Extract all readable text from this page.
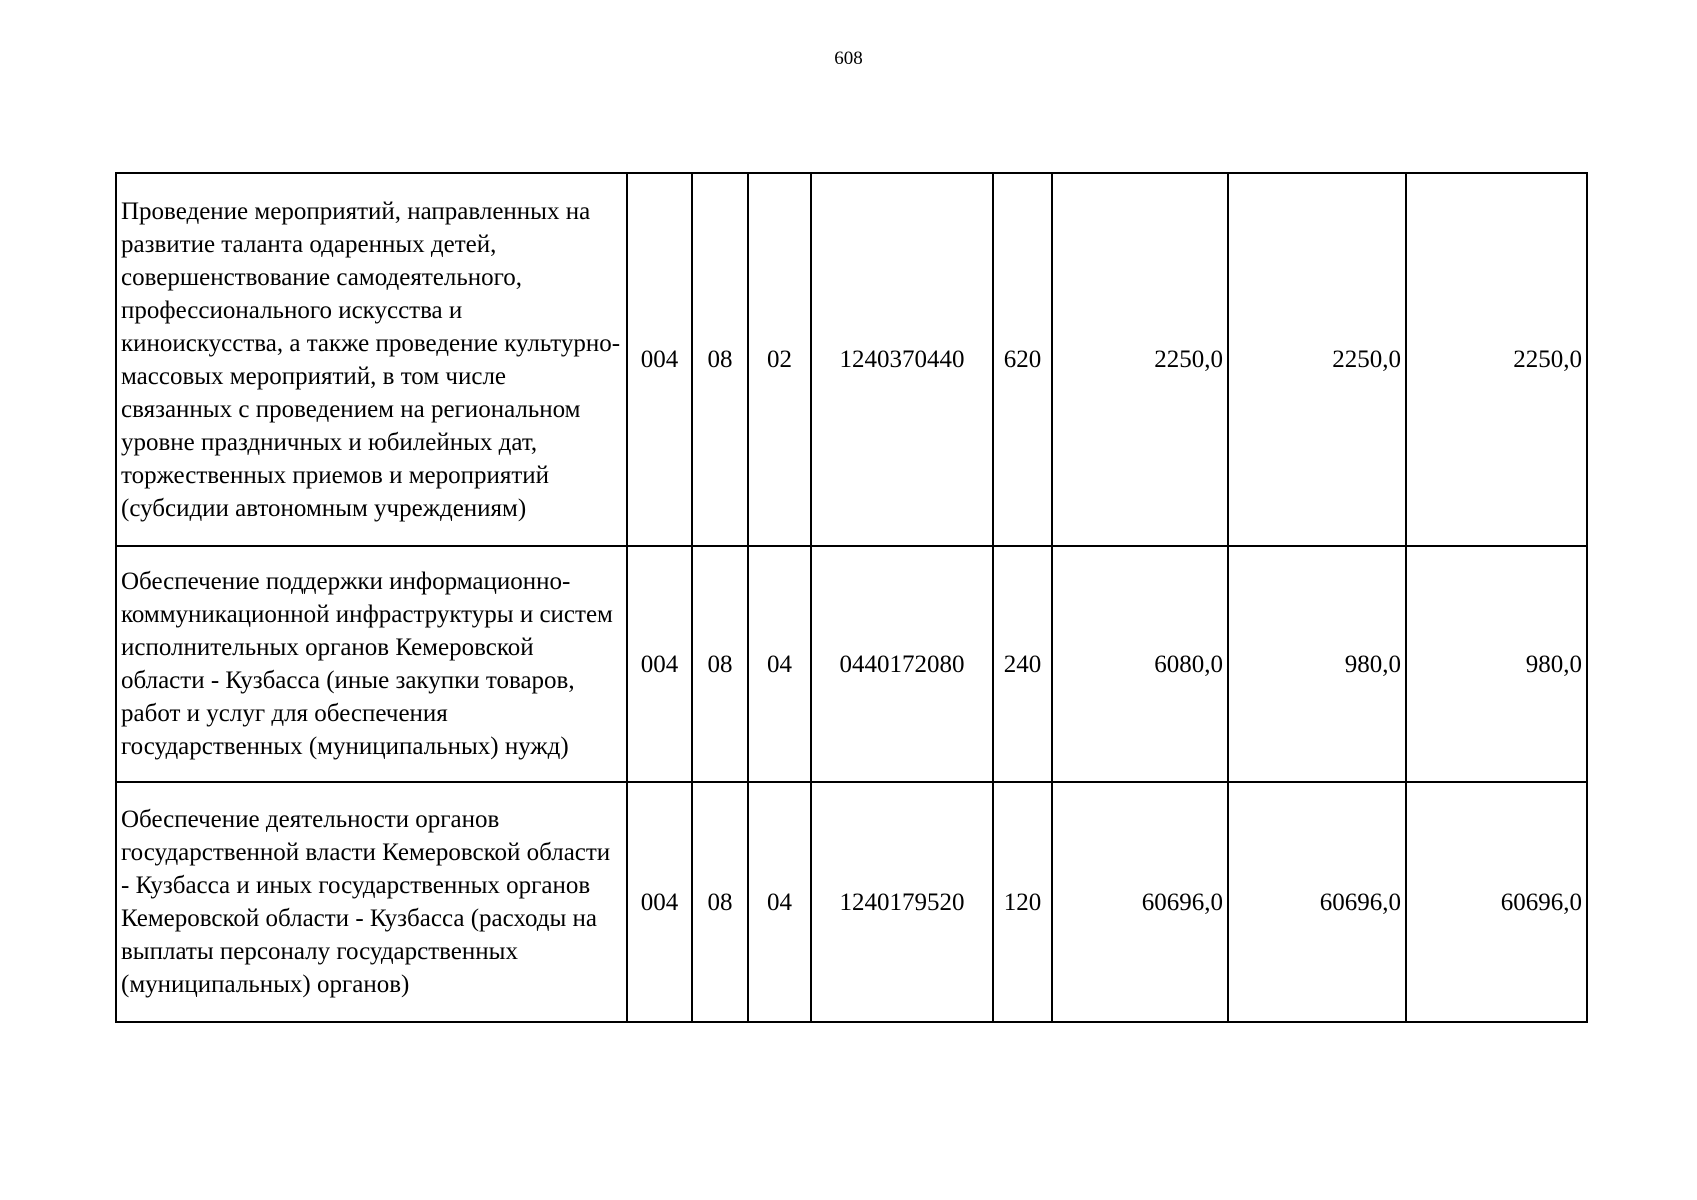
608
Проведение мероприятий, направленных на развитие таланта одаренных детей, совершенствование самодеятельного, профессионального искусства и киноискусства, а также проведение культурно-массовых мероприятий, в том числе связанных с проведением на региональном уровне праздничных и юбилейных дат, торжественных приемов и мероприятий (субсидии автономным учреждениям)	004	08	02	1240370440	620	2250,0	2250,0	2250,0
Обеспечение поддержки информационно-коммуникационной инфраструктуры и систем исполнительных органов Кемеровской области - Кузбасса (иные закупки товаров, работ и услуг для обеспечения государственных (муниципальных) нужд)	004	08	04	0440172080	240	6080,0	980,0	980,0
Обеспечение деятельности органов государственной власти Кемеровской области - Кузбасса и иных государственных органов Кемеровской области - Кузбасса (расходы на выплаты персоналу государственных (муниципальных) органов)	004	08	04	1240179520	120	60696,0	60696,0	60696,0
